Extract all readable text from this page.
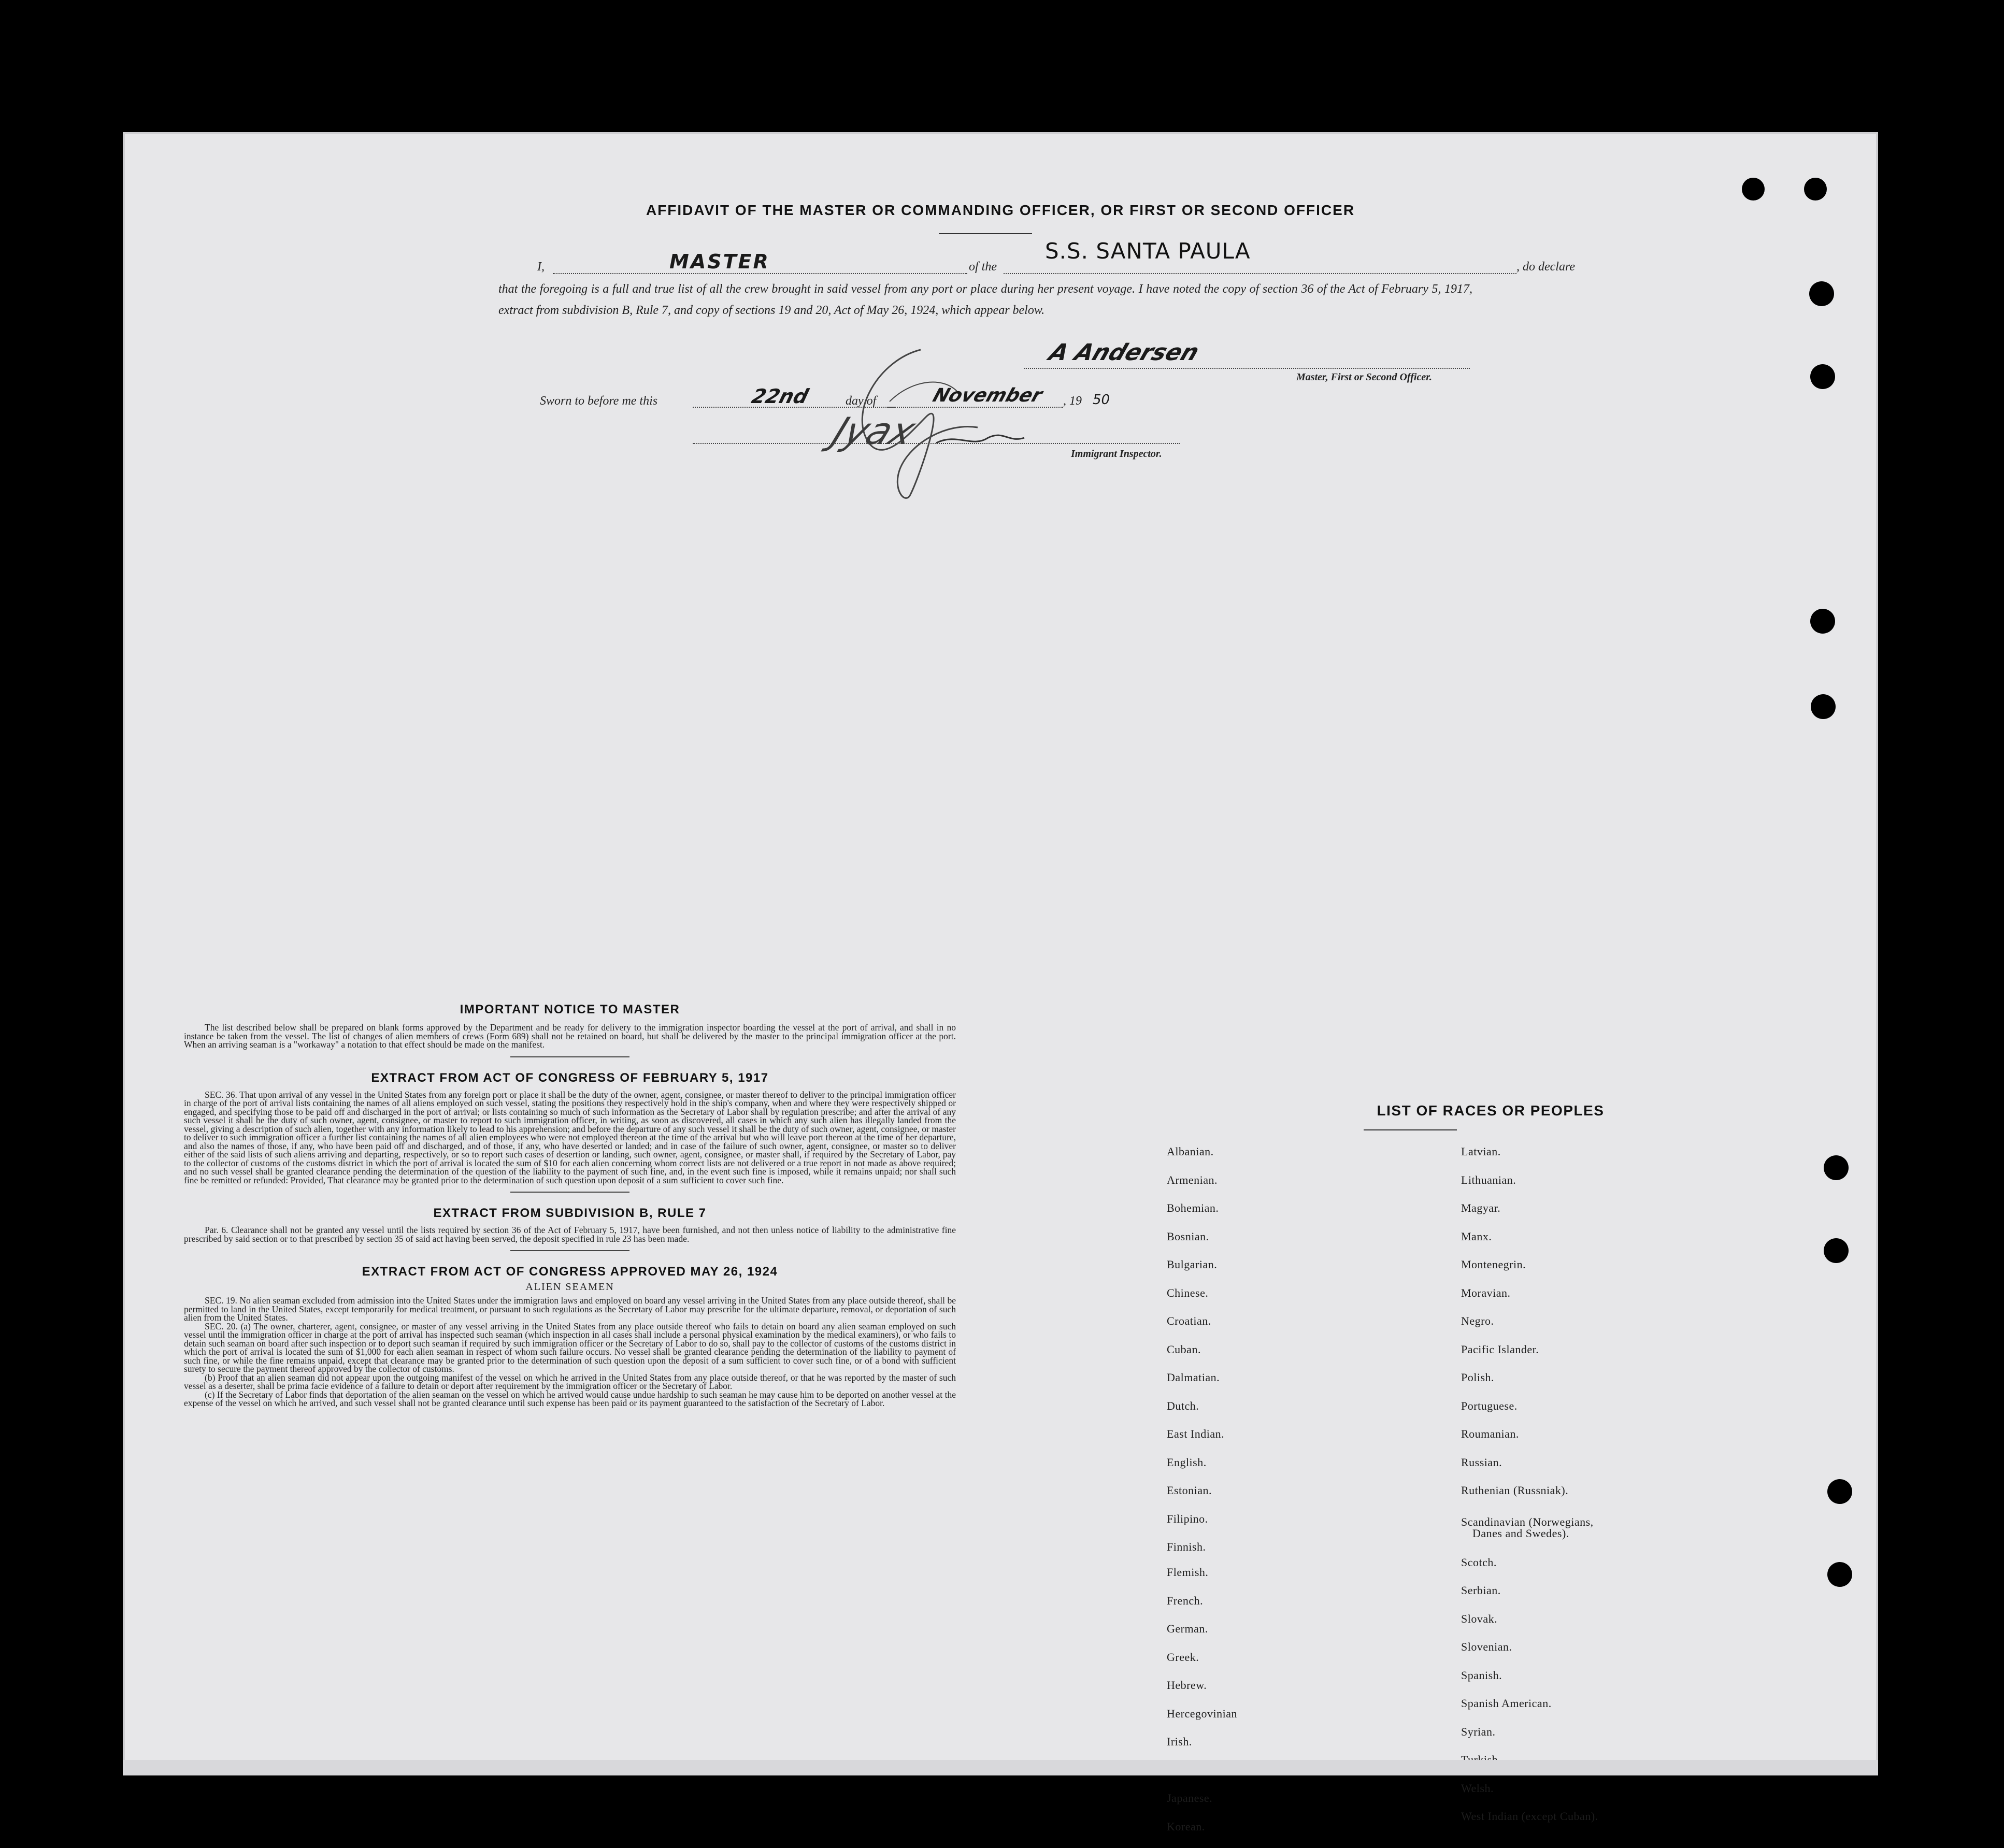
AFFIDAVIT OF THE MASTER OR COMMANDING OFFICER, OR FIRST OR SECOND OFFICER
I,	MASTER	of the
S.S. SANTA PAULA
, do declare
that the foregoing is a full and true list of all the crew brought in said vessel from any port or place during her present voyage. I have noted the copy of section 36 of the Act of February 5, 1917, extract from subdivision B, Rule 7, and copy of sections 19 and 20, Act of May 26, 1924, which appear below.
A Andersen
Master, First or Second Officer.
Sworn to before me this	22nd	day of	November , 19 50
Jyax
Immigrant Inspector.

IMPORTANT NOTICE TO MASTER

The list described below shall be prepared on blank forms approved by the Department and be ready for delivery to the immigration inspector boarding the vessel at the port of arrival, and shall in no instance be taken from the vessel. The list of changes of alien members of crews (Form 689) shall not be retained on board, but shall be delivered by the master to the principal immigration officer at the port. When an arriving seaman is a "workaway" a notation to that effect should be made on the manifest.

EXTRACT FROM ACT OF CONGRESS OF FEBRUARY 5, 1917

SEC. 36. That upon arrival of any vessel in the United States from any foreign port or place it shall be the duty of the owner, agent, consignee, or master thereof to deliver to the principal immigration officer in charge of the port of arrival lists containing the names of all aliens employed on such vessel, stating the positions they respectively hold in the ship's company, when and where they were respectively shipped or engaged, and specifying those to be paid off and discharged in the port of arrival; or lists containing so much of such information as the Secretary of Labor shall by regulation prescribe; and after the arrival of any such vessel it shall be the duty of such owner, agent, consignee, or master to report to such immigration officer, in writing, as soon as discovered, all cases in which any such alien has illegally landed from the vessel, giving a description of such alien, together with any information likely to lead to his apprehension; and before the departure of any such vessel it shall be the duty of such owner, agent, consignee, or master to deliver to such immigration officer a further list containing the names of all alien employees who were not employed thereon at the time of the arrival but who will leave port thereon at the time of her departure, and also the names of those, if any, who have been paid off and discharged, and of those, if any, who have deserted or landed; and in case of the failure of such owner, agent, consignee, or master so to deliver either of the said lists of such aliens arriving and departing, respectively, or so to report such cases of desertion or landing, such owner, agent, consignee, or master shall, if required by the Secretary of Labor, pay to the collector of customs of the customs district in which the port of arrival is located the sum of $10 for each alien concerning whom correct lists are not delivered or a true report in not made as above required; and no such vessel shall be granted clearance pending the determination of the question of the liability to the payment of such fine, and, in the event such fine is imposed, while it remains unpaid; nor shall such fine be remitted or refunded: Provided, That clearance may be granted prior to the determination of such question upon deposit of a sum sufficient to cover such fine.

EXTRACT FROM SUBDIVISION B, RULE 7

Par. 6. Clearance shall not be granted any vessel until the lists required by section 36 of the Act of February 5, 1917, have been furnished, and not then unless notice of liability to the administrative fine prescribed by said section or to that prescribed by section 35 of said act having been served, the deposit specified in rule 23 has been made.

EXTRACT FROM ACT OF CONGRESS APPROVED MAY 26, 1924

ALIEN SEAMEN

SEC. 19. No alien seaman excluded from admission into the United States under the immigration laws and employed on board any vessel arriving in the United States from any place outside thereof, shall be permitted to land in the United States, except temporarily for medical treatment, or pursuant to such regulations as the Secretary of Labor may prescribe for the ultimate departure, removal, or deportation of such alien from the United States.

SEC. 20. (a) The owner, charterer, agent, consignee, or master of any vessel arriving in the United States from any place outside thereof who fails to detain on board any alien seaman employed on such vessel until the immigration officer in charge at the port of arrival has inspected such seaman (which inspection in all cases shall include a personal physical examination by the medical examiners), or who fails to detain such seaman on board after such inspection or to deport such seaman if required by such immigration officer or the Secretary of Labor to do so, shall pay to the collector of customs of the customs district in which the port of arrival is located the sum of $1,000 for each alien seaman in respect of whom such failure occurs. No vessel shall be granted clearance pending the determination of the liability to payment of such fine, or while the fine remains unpaid, except that clearance may be granted prior to the determination of such question upon the deposit of a sum sufficient to cover such fine, or of a bond with sufficient surety to secure the payment thereof approved by the collector of customs.

(b) Proof that an alien seaman did not appear upon the outgoing manifest of the vessel on which he arrived in the United States from any place outside thereof, or that he was reported by the master of such vessel as a deserter, shall be prima facie evidence of a failure to detain or deport after requirement by the immigration officer or the Secretary of Labor.

(c) If the Secretary of Labor finds that deportation of the alien seaman on the vessel on which he arrived would cause undue hardship to such seaman he may cause him to be deported on another vessel at the expense of the vessel on which he arrived, and such vessel shall not be granted clearance until such expense has been paid or its payment guaranteed to the satisfaction of the Secretary of Labor.

LIST OF RACES OR PEOPLES
Albanian.
Armenian.
Bohemian.
Bosnian.
Bulgarian.
Chinese.
Croatian.
Cuban.
Dalmatian.
Dutch.
East Indian.
English.
Estonian.
Filipino.
Finnish.
Flemish.
French.
German.
Greek.
Hebrew.
Hercegovinian
Irish.
Japanese.
Korean.
Latvian.
Lithuanian.
Magyar.
Manx.
Montenegrin.
Moravian.
Negro.
Pacific Islander.
Polish.
Portuguese.
Roumanian.
Russian.
Ruthenian (Russniak).
Scandinavian (Norwegians,
Danes and Swedes).
Scotch.
Serbian.
Slovak.
Slovenian.
Spanish.
Spanish American.
Syrian.
Welsh.
West Indian (except Cuban).
